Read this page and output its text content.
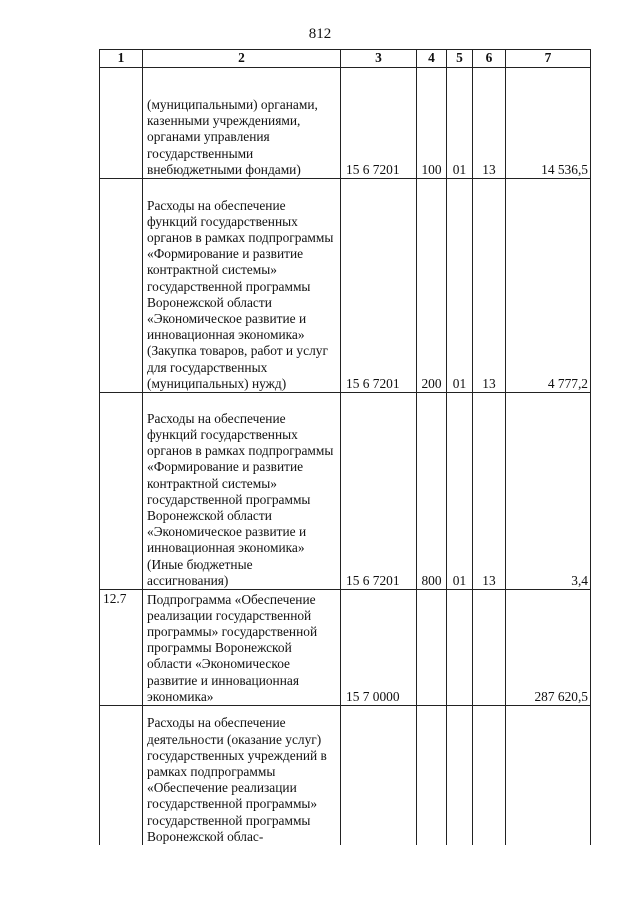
812
1	2	3	4	5	6	7
	(муниципальными) органами, казенными учреждениями, органами управления государственными внебюджетными фондами)	15 6 7201	100	01	13	14 536,5
	Расходы на обеспечение функций государственных органов в рамках подпрограммы «Формирование и развитие контрактной системы» государственной программы Воронежской области «Экономическое развитие и инновационная экономика» (Закупка товаров, работ и услуг для государственных (муниципальных) нужд)	15 6 7201	200	01	13	4 777,2
	Расходы на обеспечение функций государственных органов в рамках подпрограммы «Формирование и развитие контрактной системы» государственной программы Воронежской области «Экономическое развитие и инновационная экономика» (Иные бюджетные ассигнования)	15 6 7201	800	01	13	3,4
12.7	Подпрограмма «Обеспечение реализации государственной программы» государственной программы Воронежской области «Экономическое развитие и инновационная экономика»	15 7 0000				287 620,5
	Расходы на обеспечение деятельности (оказание услуг) государственных учреждений в рамках подпрограммы «Обеспечение реализации государственной программы» государственной программы Воронежской облас-					
